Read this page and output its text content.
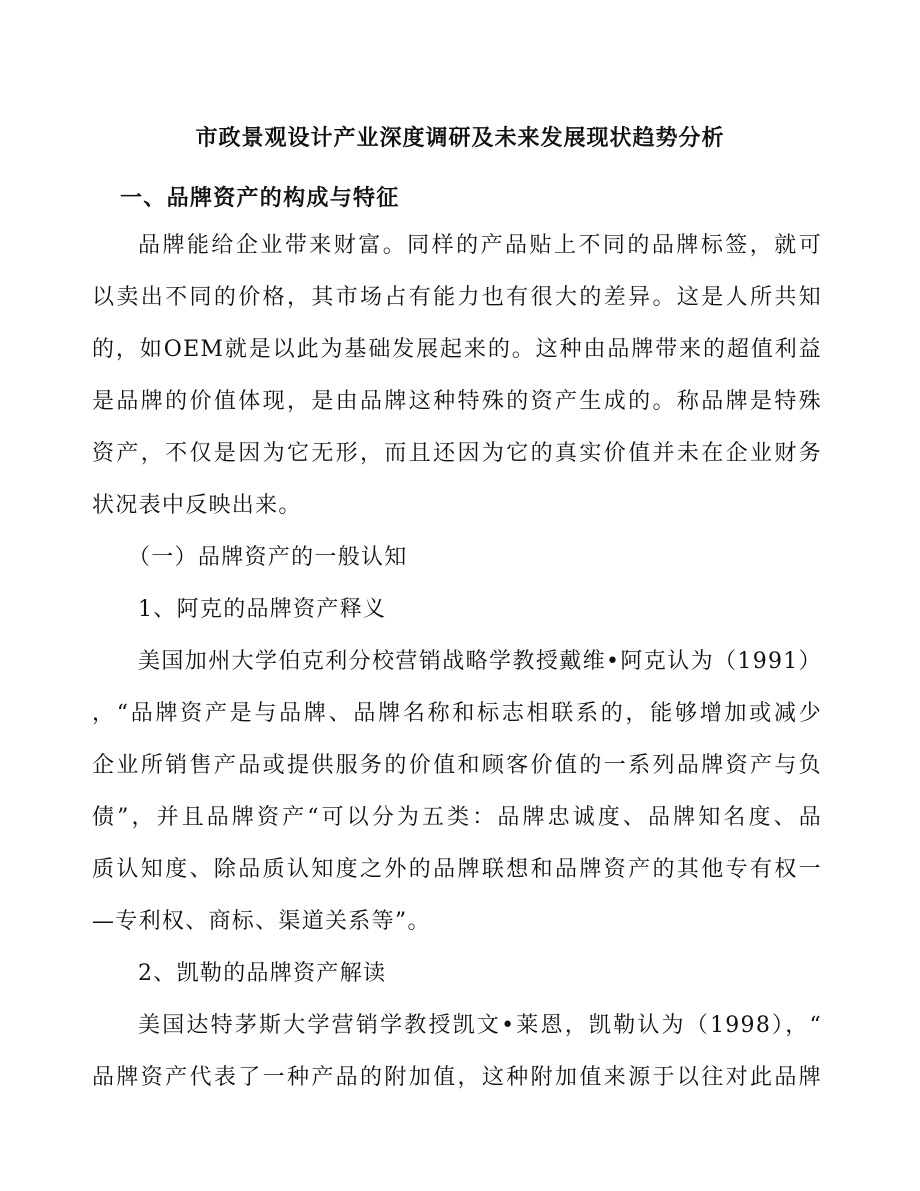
市政景观设计产业深度调研及未来发展现状趋势分析
一、品牌资产的构成与特征
品牌能给企业带来财富。同样的产品贴上不同的品牌标签，就可
以卖出不同的价格，其市场占有能力也有很大的差异。这是人所共知
的，如OEM就是以此为基础发展起来的。这种由品牌带来的超值利益
是品牌的价值体现，是由品牌这种特殊的资产生成的。称品牌是特殊
资产，不仅是因为它无形，而且还因为它的真实价值并未在企业财务
状况表中反映出来。
（一）品牌资产的一般认知
1、阿克的品牌资产释义
美国加州大学伯克利分校营销战略学教授戴维•阿克认为（1991）
，“品牌资产是与品牌、品牌名称和标志相联系的，能够增加或减少
企业所销售产品或提供服务的价值和顾客价值的一系列品牌资产与负
债”，并且品牌资产“可以分为五类：品牌忠诚度、品牌知名度、品
质认知度、除品质认知度之外的品牌联想和品牌资产的其他专有权一
—专利权、商标、渠道关系等”。
2、凯勒的品牌资产解读
美国达特茅斯大学营销学教授凯文•莱恩，凯勒认为（1998），“
品牌资产代表了一种产品的附加值，这种附加值来源于以往对此品牌
